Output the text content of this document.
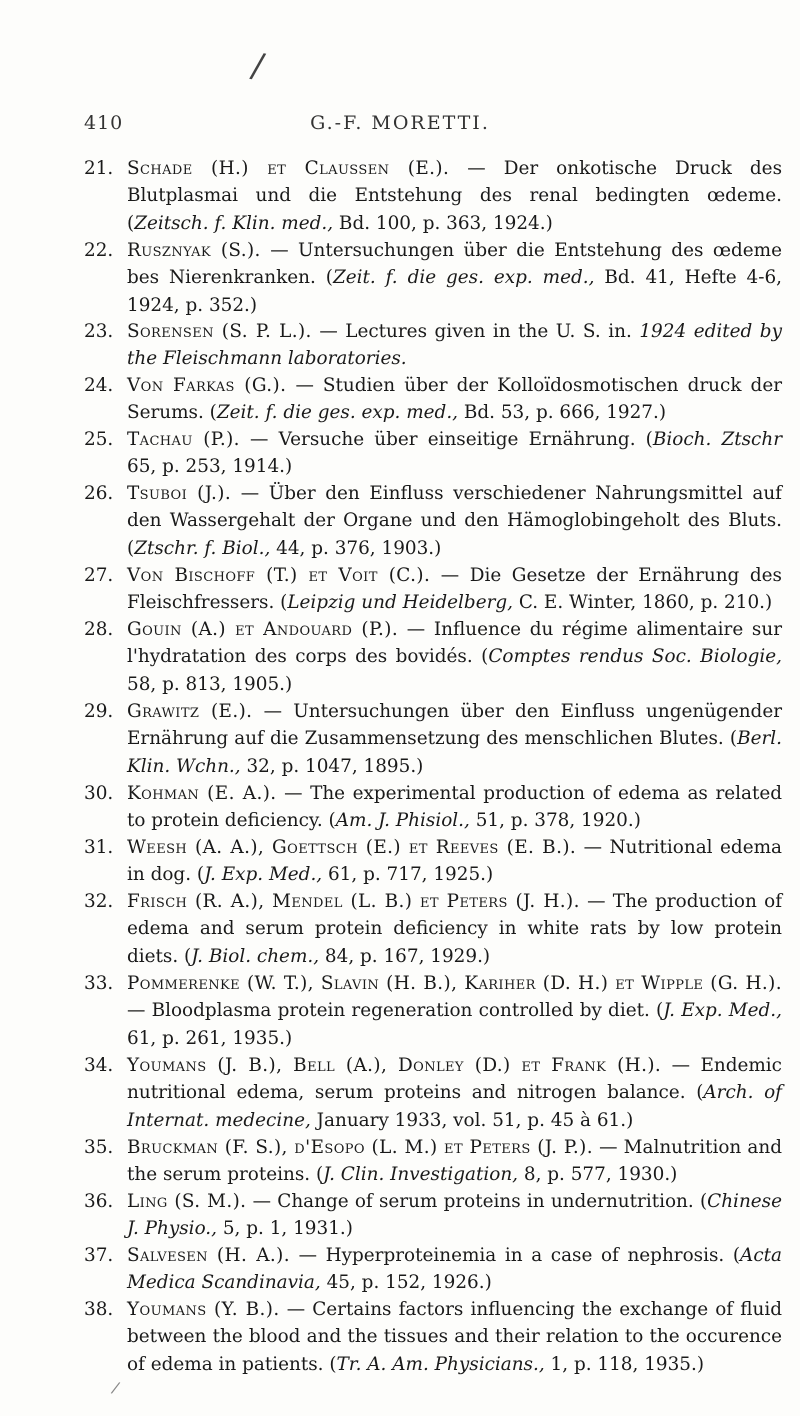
/
410	G.-F. MORETTI.
21. Schade (H.) et Claussen (E.). — Der onkotische Druck des Blutplasmai und die Entstehung des renal bedingten œdeme. (Zeitsch. f. Klin. med., Bd. 100, p. 363, 1924.)
22. Rusznyak (S.). — Untersuchungen über die Entstehung des œdeme bes Nierenkranken. (Zeit. f. die ges. exp. med., Bd. 41, Hefte 4-6, 1924, p. 352.)
23. Sorensen (S. P. L.). — Lectures given in the U. S. in. 1924 edited by the Fleischmann laboratories.
24. Von Farkas (G.). — Studien über der Kolloïdosmotischen druck der Serums. (Zeit. f. die ges. exp. med., Bd. 53, p. 666, 1927.)
25. Tachau (P.). — Versuche über einseitige Ernährung. (Bioch. Ztschr 65, p. 253, 1914.)
26. Tsuboi (J.). — Über den Einfluss verschiedener Nahrungsmittel auf den Wassergehalt der Organe und den Hämoglobingeholt des Bluts. (Ztschr. f. Biol., 44, p. 376, 1903.)
27. Von Bischoff (T.) et Voit (C.). — Die Gesetze der Ernährung des Fleischfressers. (Leipzig und Heidelberg, C. E. Winter, 1860, p. 210.)
28. Gouin (A.) et Andouard (P.). — Influence du régime alimentaire sur l'hydratation des corps des bovidés. (Comptes rendus Soc. Biologie, 58, p. 813, 1905.)
29. Grawitz (E.). — Untersuchungen über den Einfluss ungenügender Ernährung auf die Zusammensetzung des menschlichen Blutes. (Berl. Klin. Wchn., 32, p. 1047, 1895.)
30. Kohman (E. A.). — The experimental production of edema as related to protein deficiency. (Am. J. Phisiol., 51, p. 378, 1920.)
31. Weesh (A. A.), Goettsch (E.) et Reeves (E. B.). — Nutritional edema in dog. (J. Exp. Med., 61, p. 717, 1925.)
32. Frisch (R. A.), Mendel (L. B.) et Peters (J. H.). — The production of edema and serum protein deficiency in white rats by low protein diets. (J. Biol. chem., 84, p. 167, 1929.)
33. Pommerenke (W. T.), Slavin (H. B.), Kariher (D. H.) et Wipple (G. H.). — Bloodplasma protein regeneration controlled by diet. (J. Exp. Med., 61, p. 261, 1935.)
34. Youmans (J. B.), Bell (A.), Donley (D.) et Frank (H.). — Endemic nutritional edema, serum proteins and nitrogen balance. (Arch. of Internat. medecine, January 1933, vol. 51, p. 45 à 61.)
35. Bruckman (F. S.), d'Esopo (L. M.) et Peters (J. P.). — Malnutrition and the serum proteins. (J. Clin. Investigation, 8, p. 577, 1930.)
36. Ling (S. M.). — Change of serum proteins in undernutrition. (Chinese J. Physio., 5, p. 1, 1931.)
37. Salvesen (H. A.). — Hyperproteinemia in a case of nephrosis. (Acta Medica Scandinavia, 45, p. 152, 1926.)
38. Youmans (Y. B.). — Certains factors influencing the exchange of fluid between the blood and the tissues and their relation to the occurence of edema in patients. (Tr. A. Am. Physicians., 1, p. 118, 1935.)
/
